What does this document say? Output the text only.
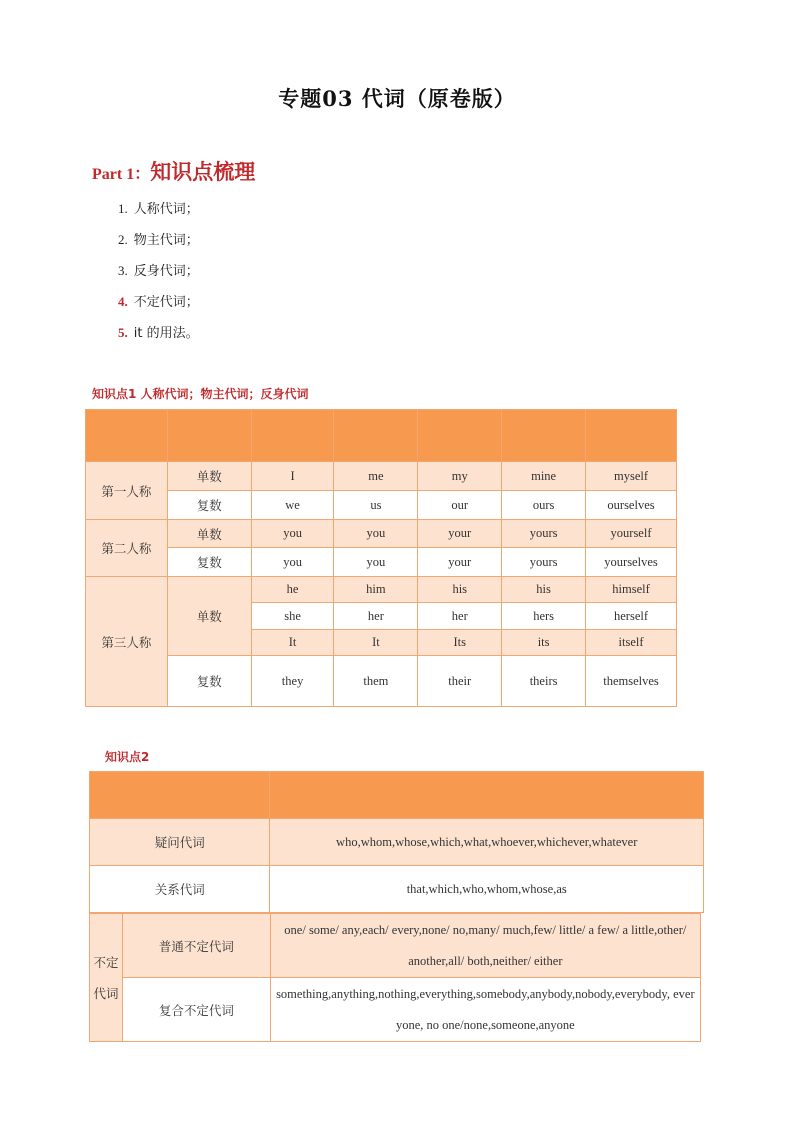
专题03 代词（原卷版）
Part 1：知识点梳理
1. 人称代词；
2. 物主代词；
3. 反身代词；
4. 不定代词；
5. it 的用法。
知识点1 人称代词；物主代词；反身代词

第一人称	单数	I	me	my	mine	myself
	复数	we	us	our	ours	ourselves
第二人称	单数	you	you	your	yours	yourself
	复数	you	you	your	yours	yourselves
第三人称	单数	he	him	his	his	himself
		she	her	her	hers	herself
		It	It	Its	its	itself
	复数	they	them	their	theirs	themselves
知识点2

疑问代词	who,whom,whose,which,what,whoever,whichever,whatever
关系代词	that,which,who,whom,whose,as
不定
代词	普通不定代词	one/ some/ any,each/ every,none/ no,many/ much,few/ little/ a few/ a little,other/ another,all/ both,neither/ either
	复合不定代词	something,anything,nothing,everything,somebody,anybody,nobody,everybody, everyone, no one/none,someone,anyone
